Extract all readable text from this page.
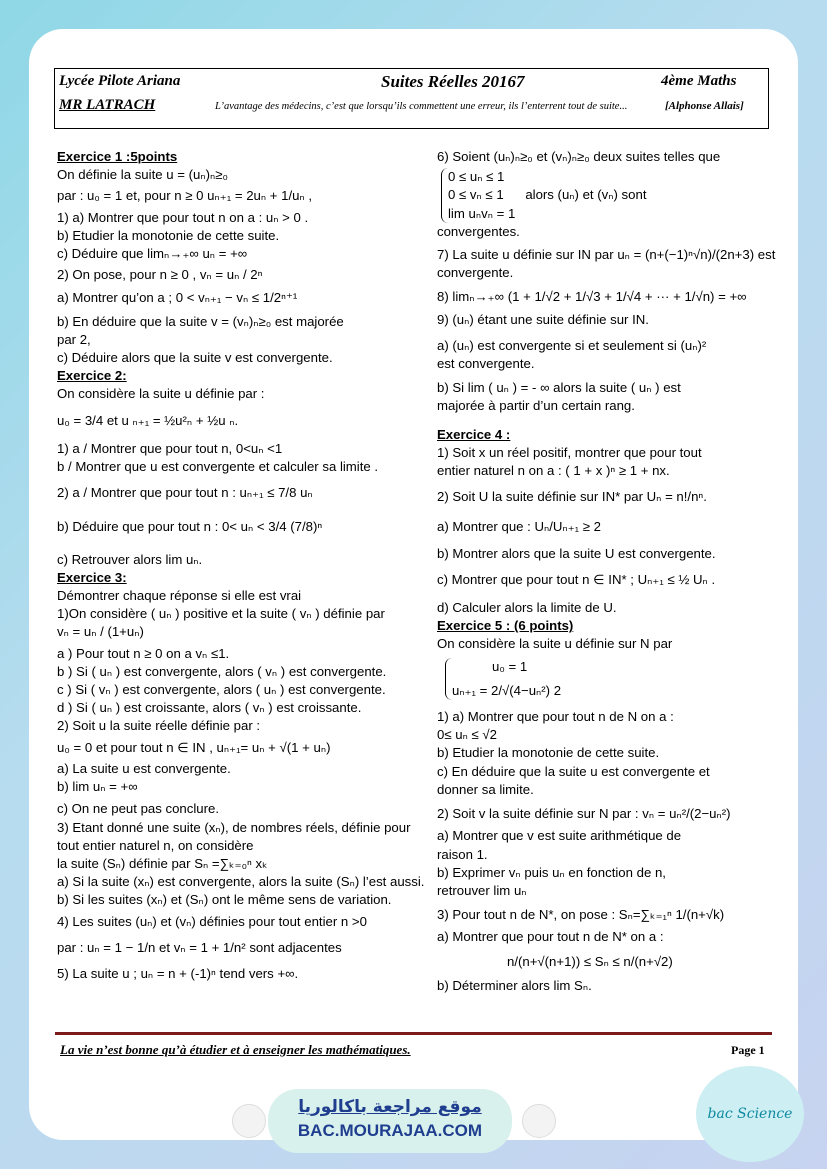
Lycée Pilote Ariana	Suites Réelles 20167	4ème Maths
MR LATRACH	L’avantage des médecins, c’est que lorsqu’ils commettent une erreur, ils l’enterrent tout de suite...	[Alphonse Allais]

Exercice 1 :5points

On définie la suite u = (uₙ)ₙ≥₀

par : u₀ = 1 et, pour n ≥ 0 uₙ₊₁ = 2uₙ + 1/uₙ ,

1) a) Montrer que pour tout n on a : uₙ > 0 .

b) Etudier la monotonie de cette suite.

c) Déduire que limₙ→₊∞ uₙ = +∞

2) On pose, pour n ≥ 0 , vₙ = uₙ / 2ⁿ

a) Montrer qu’on a ; 0 < vₙ₊₁ − vₙ ≤ 1/2ⁿ⁺¹

b) En déduire que la suite v = (vₙ)ₙ≥₀ est majorée

par 2,

c) Déduire alors que la suite v est convergente.

Exercice 2:

On considère la suite u définie par :

u₀ = 3/4 et u ₙ₊₁ = ½u²ₙ + ½u ₙ.

1) a / Montrer que pour tout n, 0<uₙ <1

b / Montrer que u est convergente et calculer sa limite .

2) a / Montrer que pour tout n : uₙ₊₁ ≤ 7/8 uₙ

b) Déduire que pour tout n : 0< uₙ < 3/4 (7/8)ⁿ

c) Retrouver alors lim uₙ.

Exercice 3:

Démontrer chaque réponse si elle est vrai

1)On considère ( uₙ ) positive et la suite ( vₙ ) définie par

vₙ = uₙ / (1+uₙ)

a ) Pour tout n ≥ 0 on a vₙ ≤1.

b ) Si ( uₙ ) est convergente, alors ( vₙ ) est convergente.

c ) Si ( vₙ ) est convergente, alors ( uₙ ) est convergente.

d ) Si ( uₙ ) est croissante, alors ( vₙ ) est croissante.

2) Soit u la suite réelle définie par :

u₀ = 0 et pour tout n ∈ IN , uₙ₊₁= uₙ + √(1 + uₙ)

a) La suite u est convergente.

b) lim uₙ = +∞

c) On ne peut pas conclure.

3) Etant donné une suite (xₙ), de nombres réels, définie pour tout entier naturel n, on considère

la suite (Sₙ) définie par Sₙ =∑ₖ₌₀ⁿ xₖ

a) Si la suite (xₙ) est convergente, alors la suite (Sₙ) l’est aussi.

b) Si les suites (xₙ) et (Sₙ) ont le même sens de variation.

4) Les suites (uₙ) et (vₙ) définies pour tout entier n >0

par : uₙ = 1 − 1/n et vₙ = 1 + 1/n² sont adjacentes

5) La suite u ; uₙ = n + (-1)ⁿ tend vers +∞.

6) Soient (uₙ)ₙ≥₀ et (vₙ)ₙ≥₀ deux suites telles que

0 ≤ uₙ ≤ 1

0 ≤ vₙ ≤ 1

lim uₙvₙ = 1

alors (uₙ) et (vₙ) sont

convergentes.

7) La suite u définie sur IN par uₙ = (n+(−1)ⁿ√n)/(2n+3) est

convergente.

8) limₙ→₊∞ (1 + 1/√2 + 1/√3 + 1/√4 + ··· + 1/√n) = +∞

9) (uₙ) étant une suite définie sur IN.

a) (uₙ) est convergente si et seulement si (uₙ)²

est convergente.

b) Si lim ( uₙ ) = - ∞ alors la suite ( uₙ ) est

majorée à partir d’un certain rang.

Exercice 4 :

1) Soit x un réel positif, montrer que pour tout

entier naturel n on a : ( 1 + x )ⁿ ≥ 1 + nx.

2) Soit U la suite définie sur IN* par Uₙ = n!/nⁿ.

a) Montrer que : Uₙ/Uₙ₊₁ ≥ 2

b) Montrer alors que la suite U est convergente.

c) Montrer que pour tout n ∈ IN* ; Uₙ₊₁ ≤ ½ Uₙ .

d) Calculer alors la limite de U.

Exercice 5 : (6 points)

On considère la suite u définie sur N par

u₀ = 1

uₙ₊₁ = 2/√(4−uₙ²) 2

1) a) Montrer que pour tout n de N on a :

0≤ uₙ ≤ √2

b) Etudier la monotonie de cette suite.

c) En déduire que la suite u est convergente et

donner sa limite.

2) Soit v la suite définie sur N par : vₙ = uₙ²/(2−uₙ²)

a) Montrer que v est suite arithmétique de

raison 1.

b) Exprimer vₙ puis uₙ en fonction de n,

retrouver lim uₙ

3) Pour tout n de N*, on pose : Sₙ=∑ₖ₌₁ⁿ 1/(n+√k)

a) Montrer que pour tout n de N* on a :

n/(n+√(n+1)) ≤ Sₙ ≤ n/(n+√2)

b) Déterminer alors lim Sₙ.

La vie n’est bonne qu’à étudier et à enseigner les mathématiques.	Page 1
موقع مراجعة باكالوريا
BAC.MOURAJAA.COM
bac Science
